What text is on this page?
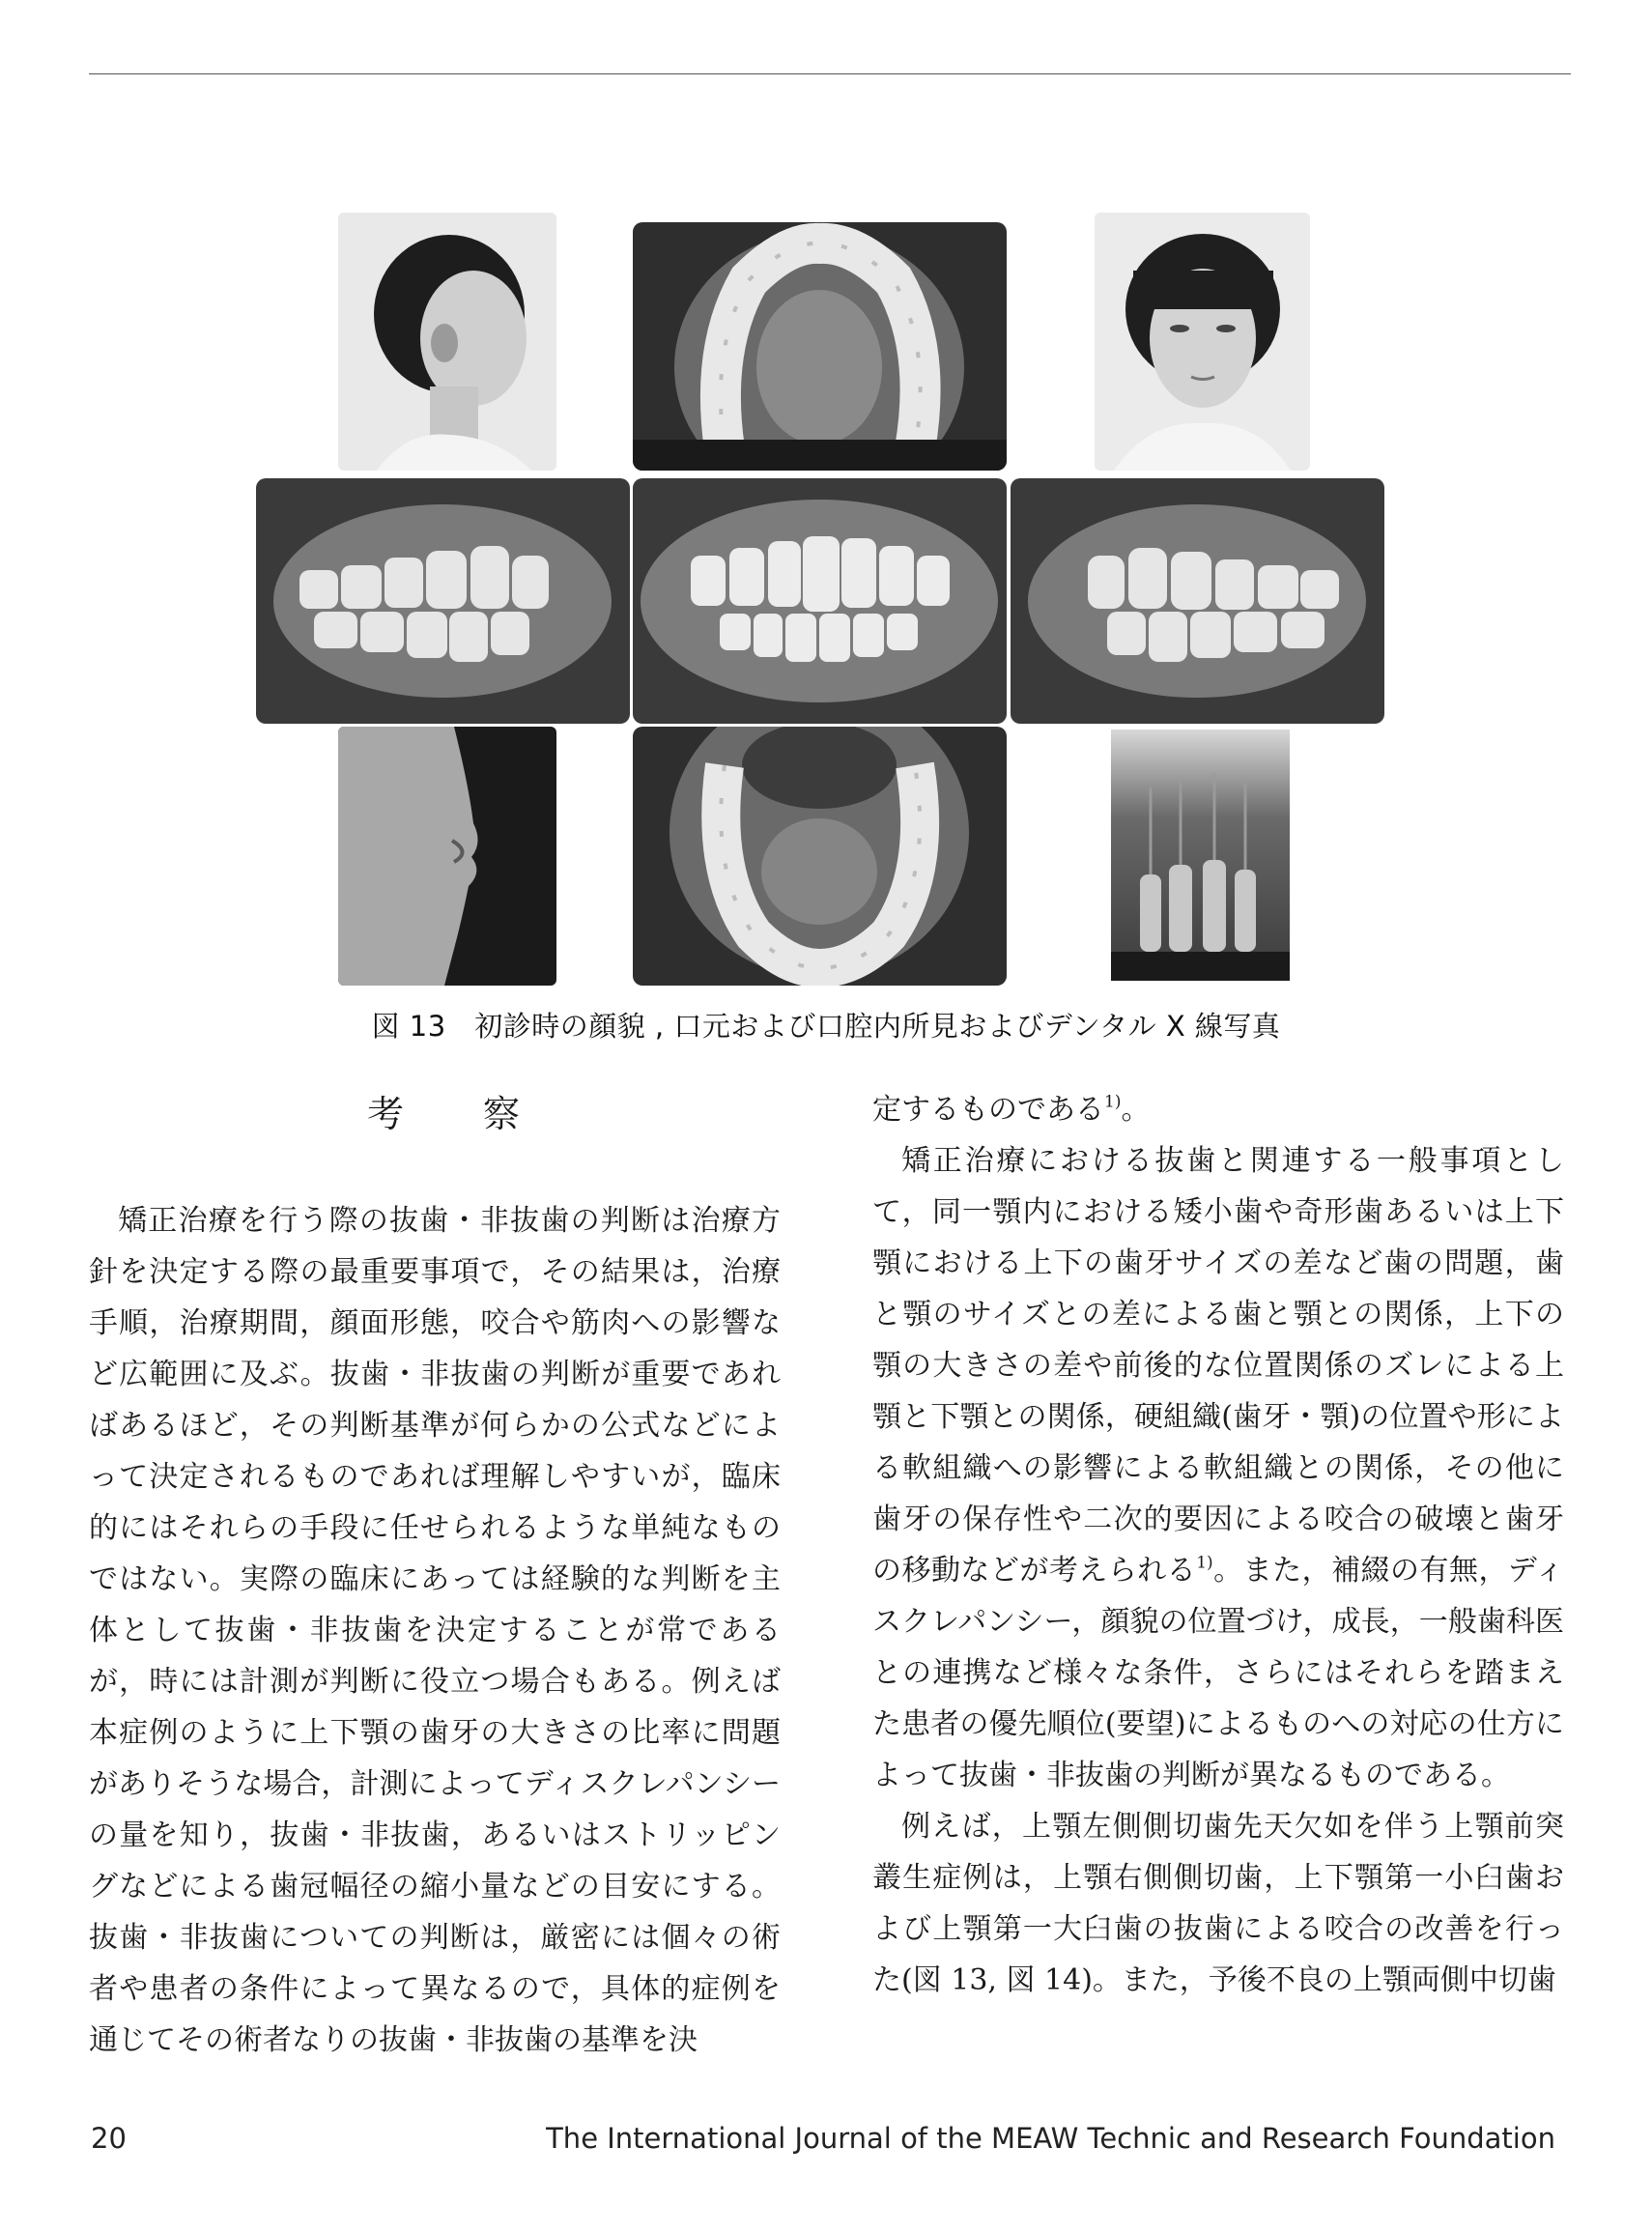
図 13　初診時の顔貌 , 口元および口腔内所見およびデンタル X 線写真
考 察

矯正治療を行う際の抜歯・非抜歯の判断は治療方針を決定する際の最重要事項で，その結果は，治療手順，治療期間，顔面形態，咬合や筋肉への影響など広範囲に及ぶ。抜歯・非抜歯の判断が重要であればあるほど，その判断基準が何らかの公式などによって決定されるものであれば理解しやすいが，臨床的にはそれらの手段に任せられるような単純なものではない。実際の臨床にあっては経験的な判断を主体として抜歯・非抜歯を決定することが常であるが，時には計測が判断に役立つ場合もある。例えば本症例のように上下顎の歯牙の大きさの比率に問題がありそうな場合，計測によってディスクレパンシーの量を知り，抜歯・非抜歯，あるいはストリッピングなどによる歯冠幅径の縮小量などの目安にする。抜歯・非抜歯についての判断は，厳密には個々の術者や患者の条件によって異なるので，具体的症例を通じてその術者なりの抜歯・非抜歯の基準を決

定するものである$^{1)}$。

矯正治療における抜歯と関連する一般事項として，同一顎内における矮小歯や奇形歯あるいは上下顎における上下の歯牙サイズの差など歯の問題，歯と顎のサイズとの差による歯と顎との関係，上下の顎の大きさの差や前後的な位置関係のズレによる上顎と下顎との関係，硬組織(歯牙・顎)の位置や形による軟組織への影響による軟組織との関係，その他に歯牙の保存性や二次的要因による咬合の破壊と歯牙の移動などが考えられる$^{1)}$。また，補綴の有無，ディスクレパンシー，顔貌の位置づけ，成長，一般歯科医との連携など様々な条件，さらにはそれらを踏まえた患者の優先順位(要望)によるものへの対応の仕方によって抜歯・非抜歯の判断が異なるものである。

例えば，上顎左側側切歯先天欠如を伴う上顎前突叢生症例は，上顎右側側切歯，上下顎第一小臼歯および上顎第一大臼歯の抜歯による咬合の改善を行った(図 13, 図 14)。また，予後不良の上顎両側中切歯

20	The International Journal of the MEAW Technic and Research Foundation
